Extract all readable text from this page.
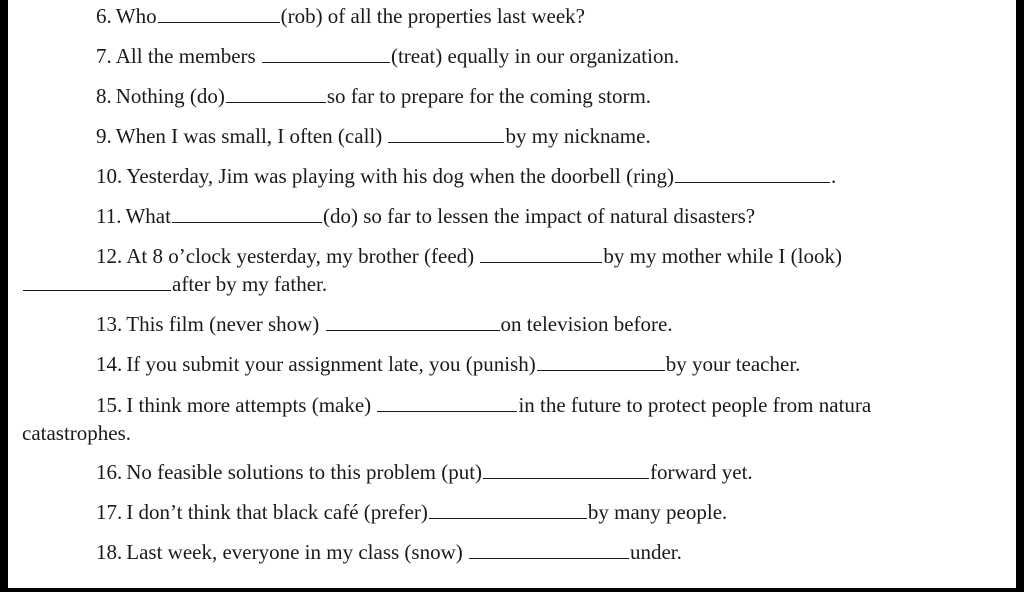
6. Who	(rob) of all the properties last week?
7. All the members	(treat) equally in our organization.
8. Nothing (do)	so far to prepare for the coming storm.
9. When I was small, I often (call)	by my nickname.
10. Yesterday, Jim was playing with his dog when the doorbell (ring)	.
11. What	(do) so far to lessen the impact of natural disasters?
12. At 8 o’clock yesterday, my brother (feed)	by my mother while I (look)
after by my father.
13. This film (never show)	on television before.
14. If you submit your assignment late, you (punish)	by your teacher.
15. I think more attempts (make)	in the future to protect people from natura
catastrophes.
16. No feasible solutions to this problem (put)	forward yet.
17. I don’t think that black café (prefer)	by many people.
18. Last week, everyone in my class (snow)	under.
